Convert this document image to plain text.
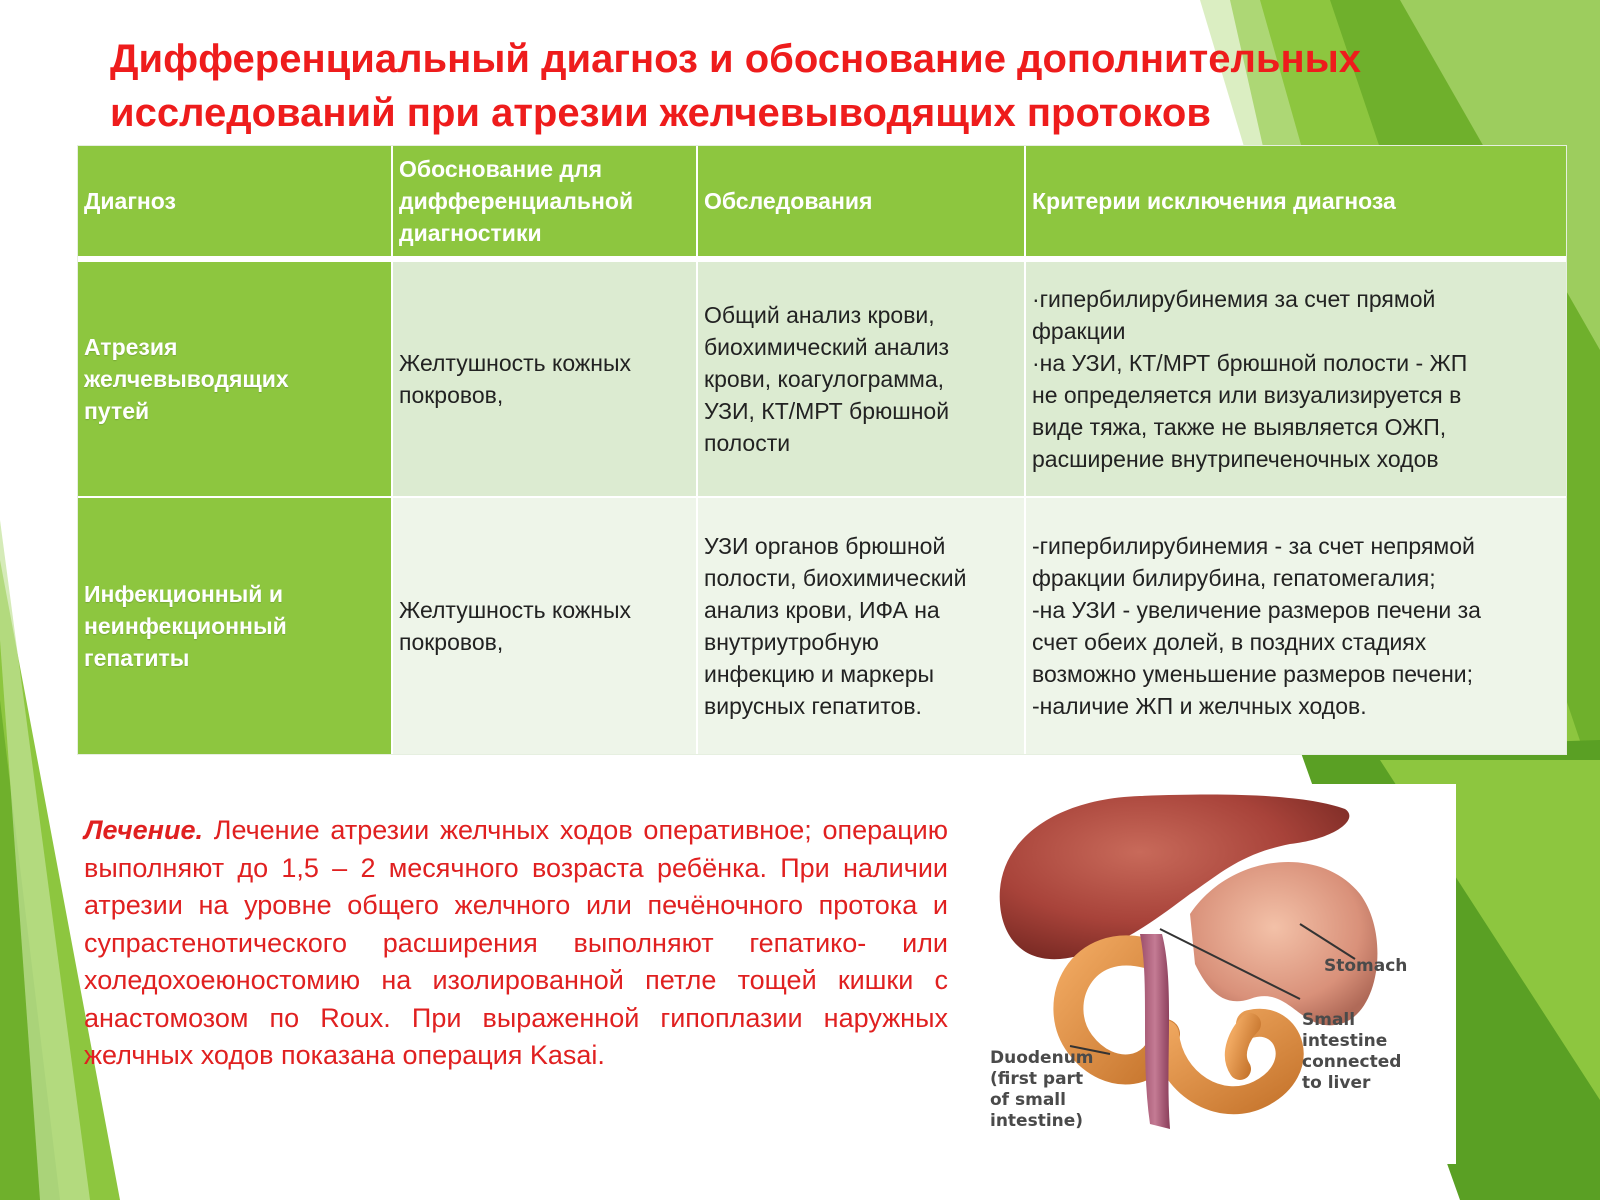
Дифференциальный диагноз и обоснование дополнительных
исследований при атрезии желчевыводящих протоков
Диагноз
Обоснование для
дифференциальной
диагностики
Обследования	Критерии исключения диагноза
Атрезия
желчевыводящих
путей
Желтушность кожных
покровов,
Общий анализ крови,
биохимический анализ
крови, коагулограмма,
УЗИ, КТ/МРТ брюшной
полости
·гипербилирубинемия за счет прямой
фракции
·на УЗИ, КТ/МРТ брюшной полости - ЖП
не определяется или визуализируется в
виде тяжа, также не выявляется ОЖП,
расширение внутрипеченочных ходов
Инфекционный и
неинфекционный
гепатиты
Желтушность кожных
покровов,
УЗИ органов брюшной
полости, биохимический
анализ крови, ИФА на
внутриутробную
инфекцию и маркеры
вирусных гепатитов.
-гипербилирубинемия - за счет непрямой
фракции билирубина, гепатомегалия;
-на УЗИ - увеличение размеров печени за
счет обеих долей, в поздних стадиях
возможно уменьшение размеров печени;
-наличие ЖП и желчных ходов.
Лечение. Лечение атрезии желчных ходов оперативное; операцию выполняют до 1,5 – 2 месячного возраста ребёнка. При наличии атрезии на уровне общего желчного или печёночного протока и супрастенотического расширения выполняют гепатико- или холедохоеюностомию на изолированной петле тощей кишки с анастомозом по Roux. При выраженной гипоплазии наружных желчных ходов показана операция Kasai.
Stomach
Small
intestine
connected
to liver
Duodenum
(first part
of small
intestine)
